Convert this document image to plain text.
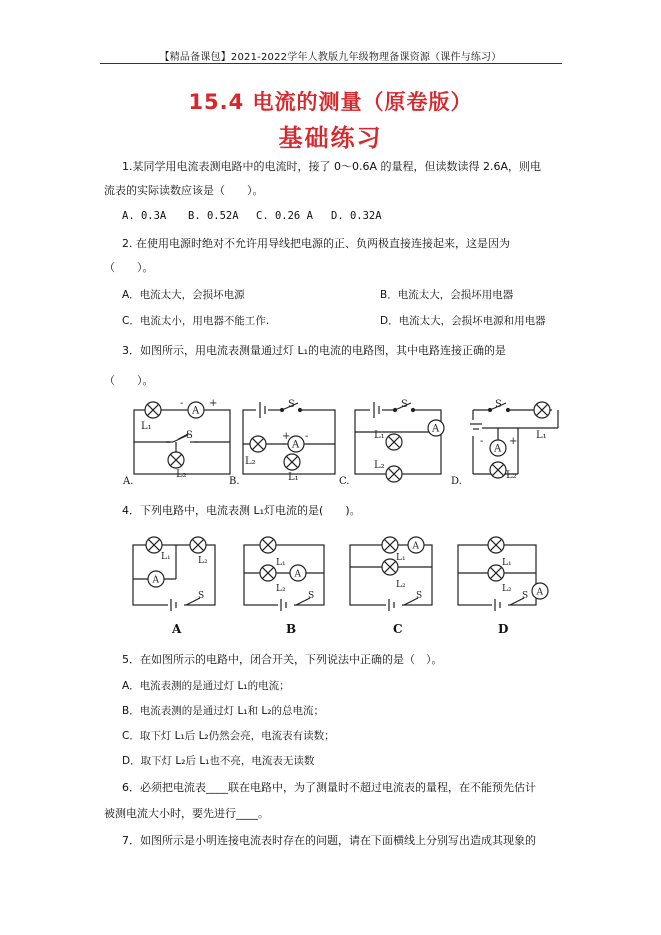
【精品备课包】2021-2022学年人教版九年级物理备课资源（课件与练习）
15.4 电流的测量（原卷版）
基础练习
1.某同学用电流表测电路中的电流时，接了 0～0.6A 的量程，但读数读得 2.6A，则电
流表的实际读数应该是（　　）。
A. 0.3A B. 0.52A C. 0.26 A D. 0.32A
2. 在使用电源时绝对不允许用导线把电源的正、负两极直接连接起来，这是因为
（　　）。
A．电流太大，会损坏电源	B．电流太大，会损坏用电器
C．电流太小，用电器不能工作.	D．电流太大，会损坏电源和用电器
3．如图所示，用电流表测量通过灯 L₁的电流的电路图，其中电路连接正确的是
（　　）。
A
A
A
A
-	+
+ -	-	+
S
S	S	S
L₁
L₂
L₂
L₁
L₁
L₂
L₁
L₂
A.	B.	C.	D.
4．下列电路中，电流表测 L₁灯电流的是(　　)。
A
A
A
A
L₁	L₂
S
L₁
L₂
S
L₁
L₂
S
L₁
L₂
S
A	B	C	D
5．在如图所示的电路中，闭合开关，下列说法中正确的是（　）。
A．电流表测的是通过灯 L₁的电流；
B．电流表测的是通过灯 L₁和 L₂的总电流；
C．取下灯 L₁后 L₂仍然会亮，电流表有读数；
D．取下灯 L₂后 L₁也不亮，电流表无读数
6．必须把电流表____联在电路中，为了测量时不超过电流表的量程，在不能预先估计
被测电流大小时，要先进行____。
7．如图所示是小明连接电流表时存在的问题，请在下面横线上分别写出造成其现象的
